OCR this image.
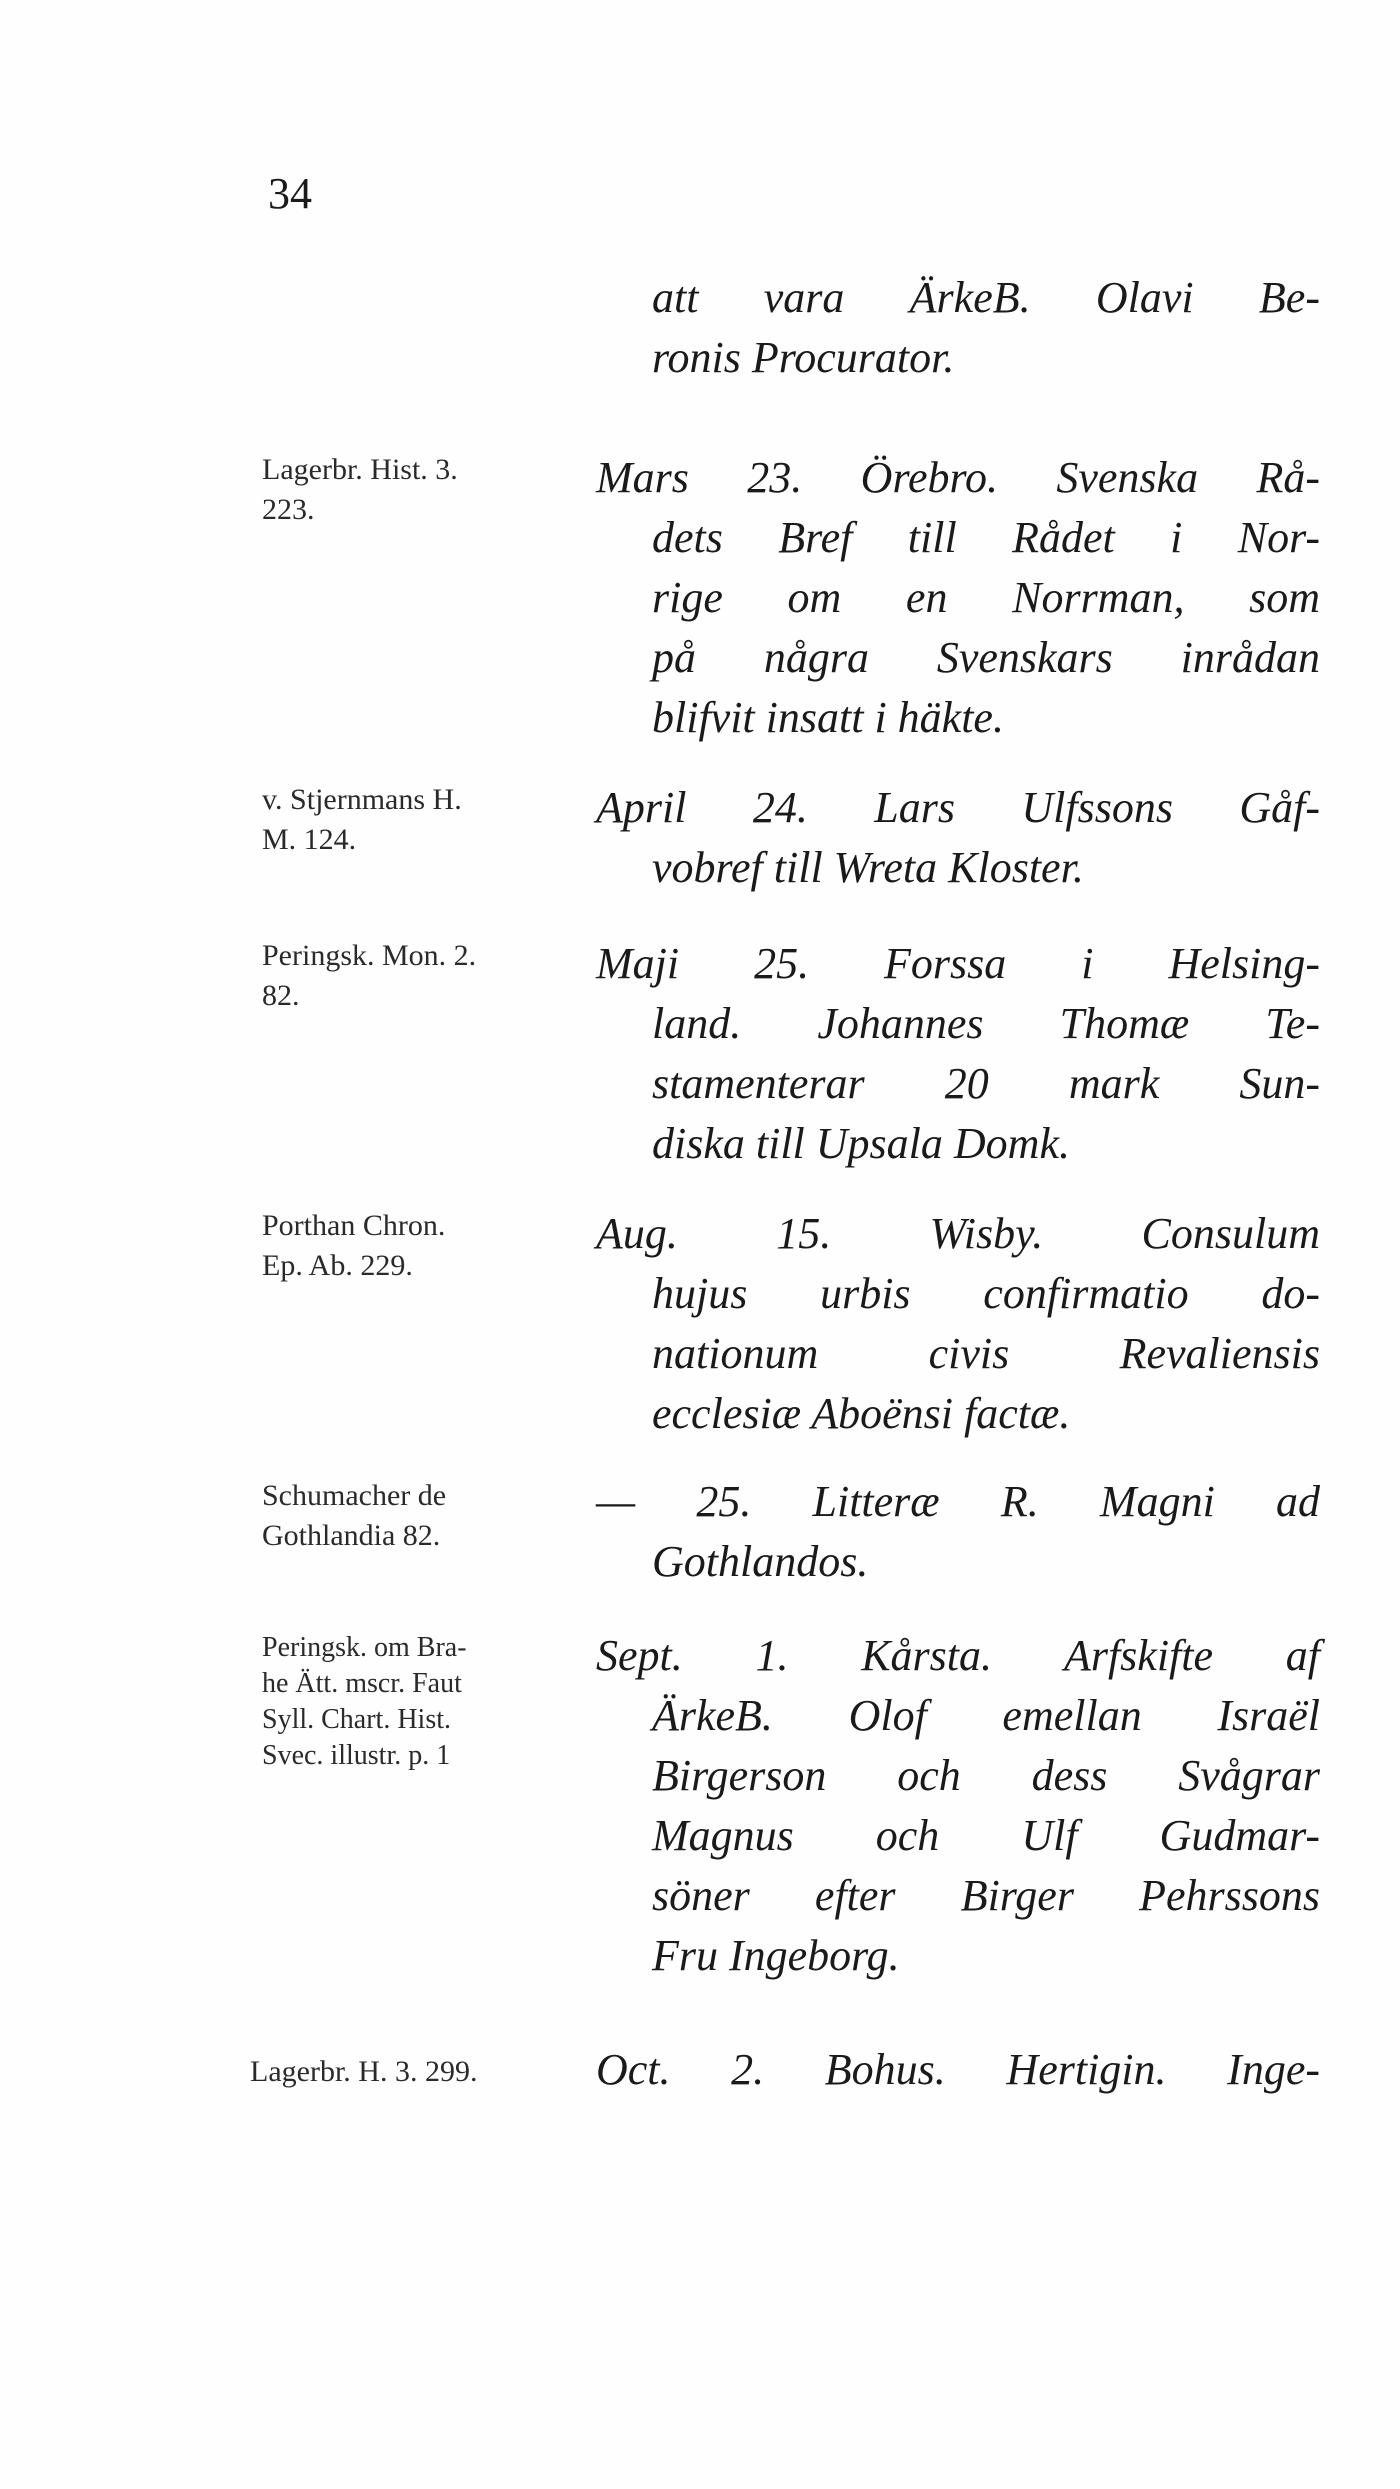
34
att vara ÄrkeB. Olavi Be-
ronis Procurator.
Lagerbr. Hist. 3.
223.
Mars 23. Örebro. Svenska Rå-
dets Bref till Rådet i Nor-
rige om en Norrman, som
på några Svenskars inrådan
blifvit insatt i häkte.
v. Stjernmans H.
M. 124.
April 24. Lars Ulfssons Gåf-
vobref till Wreta Kloster.
Peringsk. Mon. 2.
82.
Maji 25. Forssa i Helsing-
land. Johannes Thomæ Te-
stamenterar 20 mark Sun-
diska till Upsala Domk.
Porthan Chron.
Ep. Ab. 229.
Aug. 15. Wisby. Consulum
hujus urbis confirmatio do-
nationum civis Revaliensis
ecclesiæ Aboënsi factæ.
Schumacher de
Gothlandia 82.
— 25. Litteræ R. Magni ad
Gothlandos.
Peringsk. om Bra-
he Ätt. mscr. Faut
Syll. Chart. Hist.
Svec. illustr. p. 1
Sept. 1. Kårsta. Arfskifte af
ÄrkeB. Olof emellan Israël
Birgerson och dess Svågrar
Magnus och Ulf Gudmar-
söner efter Birger Pehrssons
Fru Ingeborg.
Lagerbr. H. 3. 299.	Oct. 2. Bohus. Hertigin. Inge-
